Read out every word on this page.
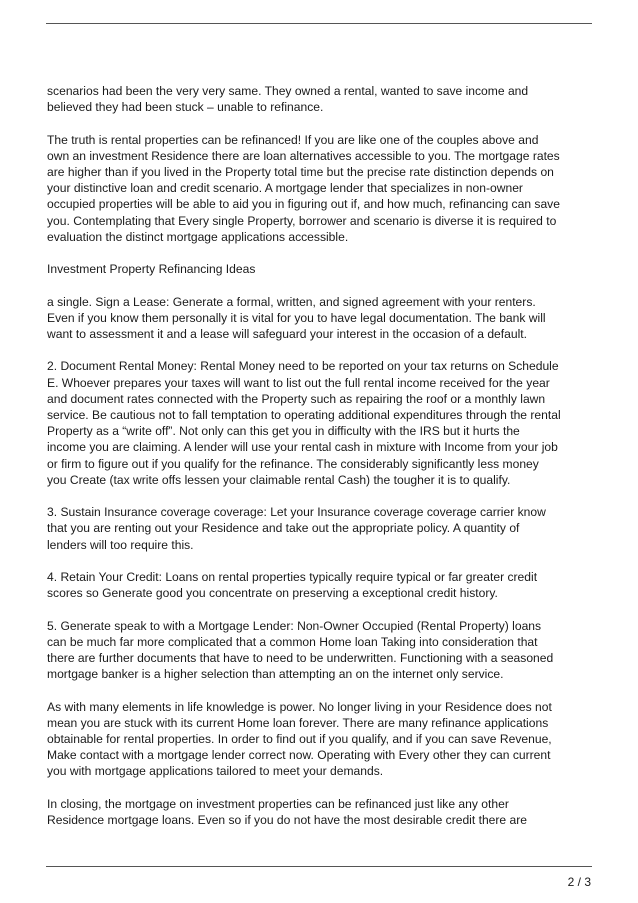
scenarios had been the very very same. They owned a rental, wanted to save income and
believed they had been stuck – unable to refinance.

The truth is rental properties can be refinanced! If you are like one of the couples above and
own an investment Residence there are loan alternatives accessible to you. The mortgage rates
are higher than if you lived in the Property total time but the precise rate distinction depends on
your distinctive loan and credit scenario. A mortgage lender that specializes in non-owner
occupied properties will be able to aid you in figuring out if, and how much, refinancing can save
you. Contemplating that Every single Property, borrower and scenario is diverse it is required to
evaluation the distinct mortgage applications accessible.

Investment Property Refinancing Ideas

a single. Sign a Lease: Generate a formal, written, and signed agreement with your renters.
Even if you know them personally it is vital for you to have legal documentation. The bank will
want to assessment it and a lease will safeguard your interest in the occasion of a default.

2. Document Rental Money: Rental Money need to be reported on your tax returns on Schedule
E. Whoever prepares your taxes will want to list out the full rental income received for the year
and document rates connected with the Property such as repairing the roof or a monthly lawn
service. Be cautious not to fall temptation to operating additional expenditures through the rental
Property as a “write off”. Not only can this get you in difficulty with the IRS but it hurts the
income you are claiming. A lender will use your rental cash in mixture with Income from your job
or firm to figure out if you qualify for the refinance. The considerably significantly less money
you Create (tax write offs lessen your claimable rental Cash) the tougher it is to qualify.

3. Sustain Insurance coverage coverage: Let your Insurance coverage coverage carrier know
that you are renting out your Residence and take out the appropriate policy. A quantity of
lenders will too require this.

4. Retain Your Credit: Loans on rental properties typically require typical or far greater credit
scores so Generate good you concentrate on preserving a exceptional credit history.

5. Generate speak to with a Mortgage Lender: Non-Owner Occupied (Rental Property) loans
can be much far more complicated that a common Home loan Taking into consideration that
there are further documents that have to need to be underwritten. Functioning with a seasoned
mortgage banker is a higher selection than attempting an on the internet only service.

As with many elements in life knowledge is power. No longer living in your Residence does not
mean you are stuck with its current Home loan forever. There are many refinance applications
obtainable for rental properties. In order to find out if you qualify, and if you can save Revenue,
Make contact with a mortgage lender correct now. Operating with Every other they can current
you with mortgage applications tailored to meet your demands.

In closing, the mortgage on investment properties can be refinanced just like any other
Residence mortgage loans. Even so if you do not have the most desirable credit there are

2 / 3
